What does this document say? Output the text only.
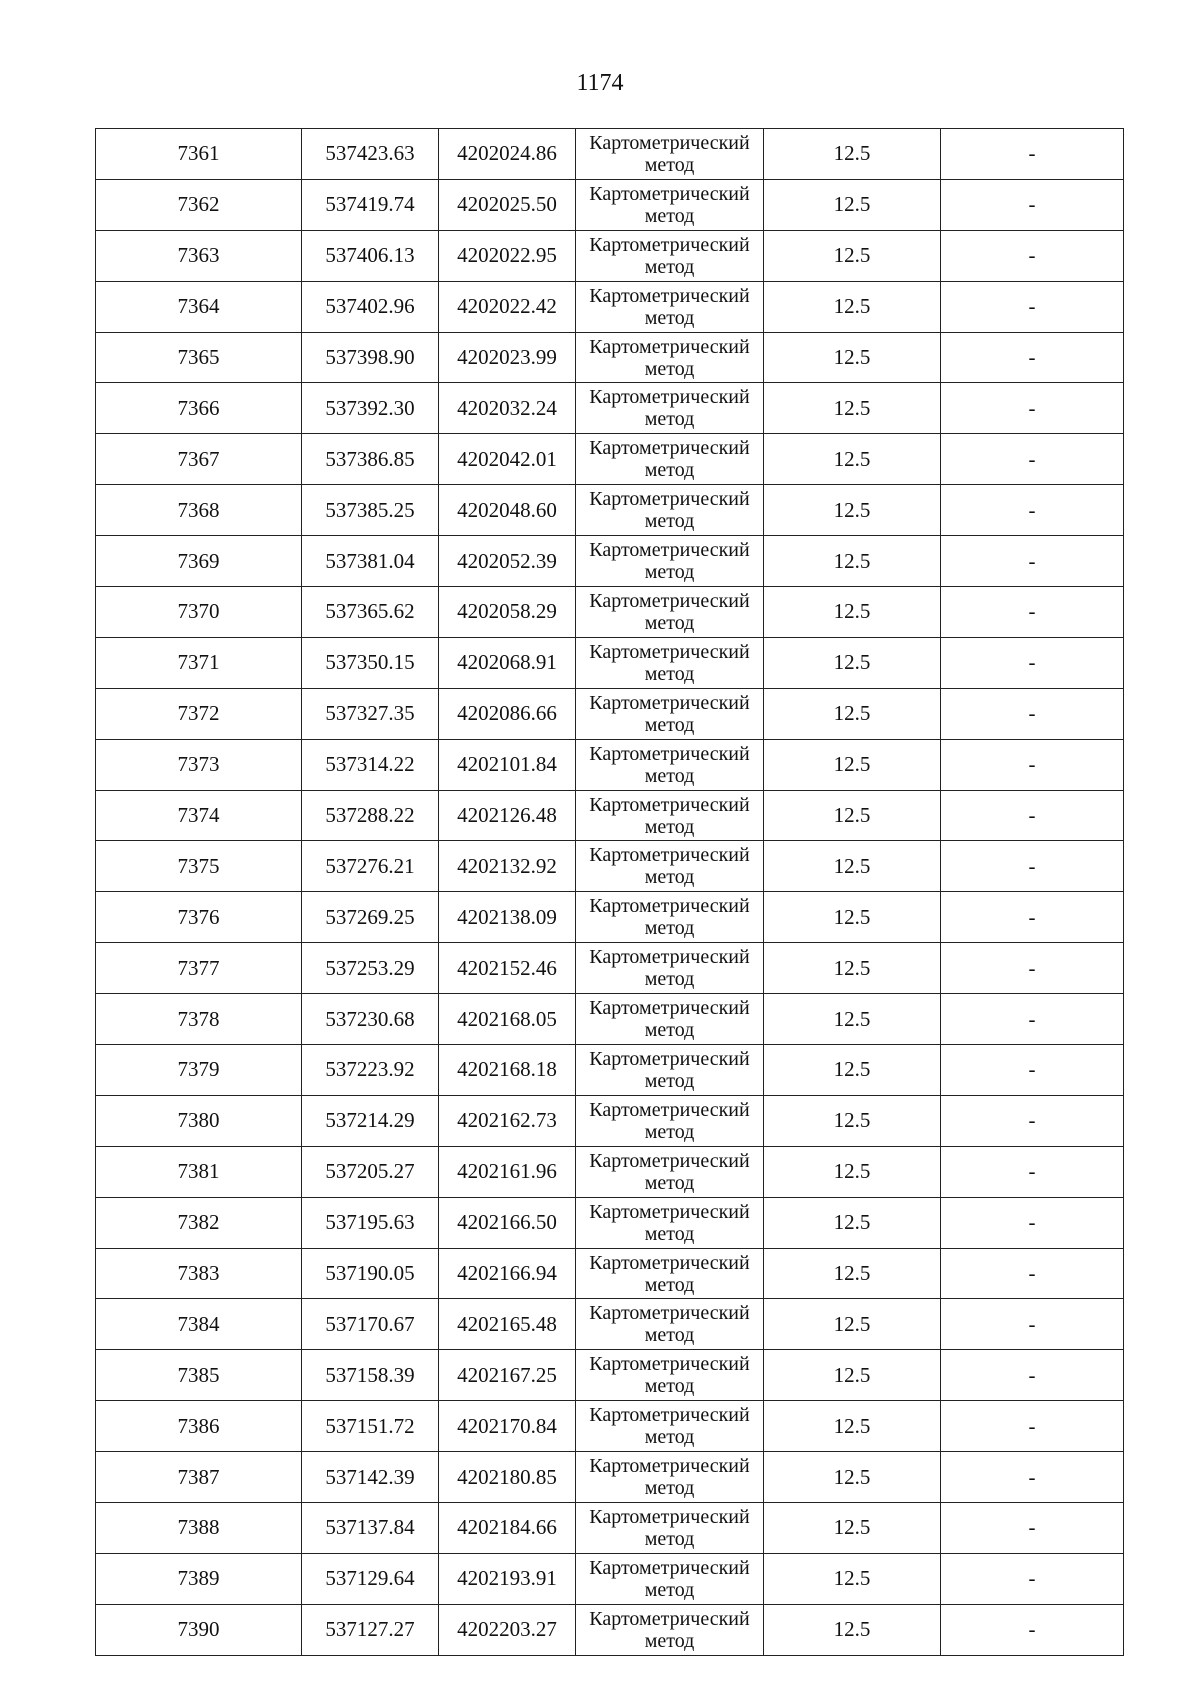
1174
7361	537423.63	4202024.86	Картометрический метод	12.5	-
7362	537419.74	4202025.50	Картометрический метод	12.5	-
7363	537406.13	4202022.95	Картометрический метод	12.5	-
7364	537402.96	4202022.42	Картометрический метод	12.5	-
7365	537398.90	4202023.99	Картометрический метод	12.5	-
7366	537392.30	4202032.24	Картометрический метод	12.5	-
7367	537386.85	4202042.01	Картометрический метод	12.5	-
7368	537385.25	4202048.60	Картометрический метод	12.5	-
7369	537381.04	4202052.39	Картометрический метод	12.5	-
7370	537365.62	4202058.29	Картометрический метод	12.5	-
7371	537350.15	4202068.91	Картометрический метод	12.5	-
7372	537327.35	4202086.66	Картометрический метод	12.5	-
7373	537314.22	4202101.84	Картометрический метод	12.5	-
7374	537288.22	4202126.48	Картометрический метод	12.5	-
7375	537276.21	4202132.92	Картометрический метод	12.5	-
7376	537269.25	4202138.09	Картометрический метод	12.5	-
7377	537253.29	4202152.46	Картометрический метод	12.5	-
7378	537230.68	4202168.05	Картометрический метод	12.5	-
7379	537223.92	4202168.18	Картометрический метод	12.5	-
7380	537214.29	4202162.73	Картометрический метод	12.5	-
7381	537205.27	4202161.96	Картометрический метод	12.5	-
7382	537195.63	4202166.50	Картометрический метод	12.5	-
7383	537190.05	4202166.94	Картометрический метод	12.5	-
7384	537170.67	4202165.48	Картометрический метод	12.5	-
7385	537158.39	4202167.25	Картометрический метод	12.5	-
7386	537151.72	4202170.84	Картометрический метод	12.5	-
7387	537142.39	4202180.85	Картометрический метод	12.5	-
7388	537137.84	4202184.66	Картометрический метод	12.5	-
7389	537129.64	4202193.91	Картометрический метод	12.5	-
7390	537127.27	4202203.27	Картометрический метод	12.5	-
